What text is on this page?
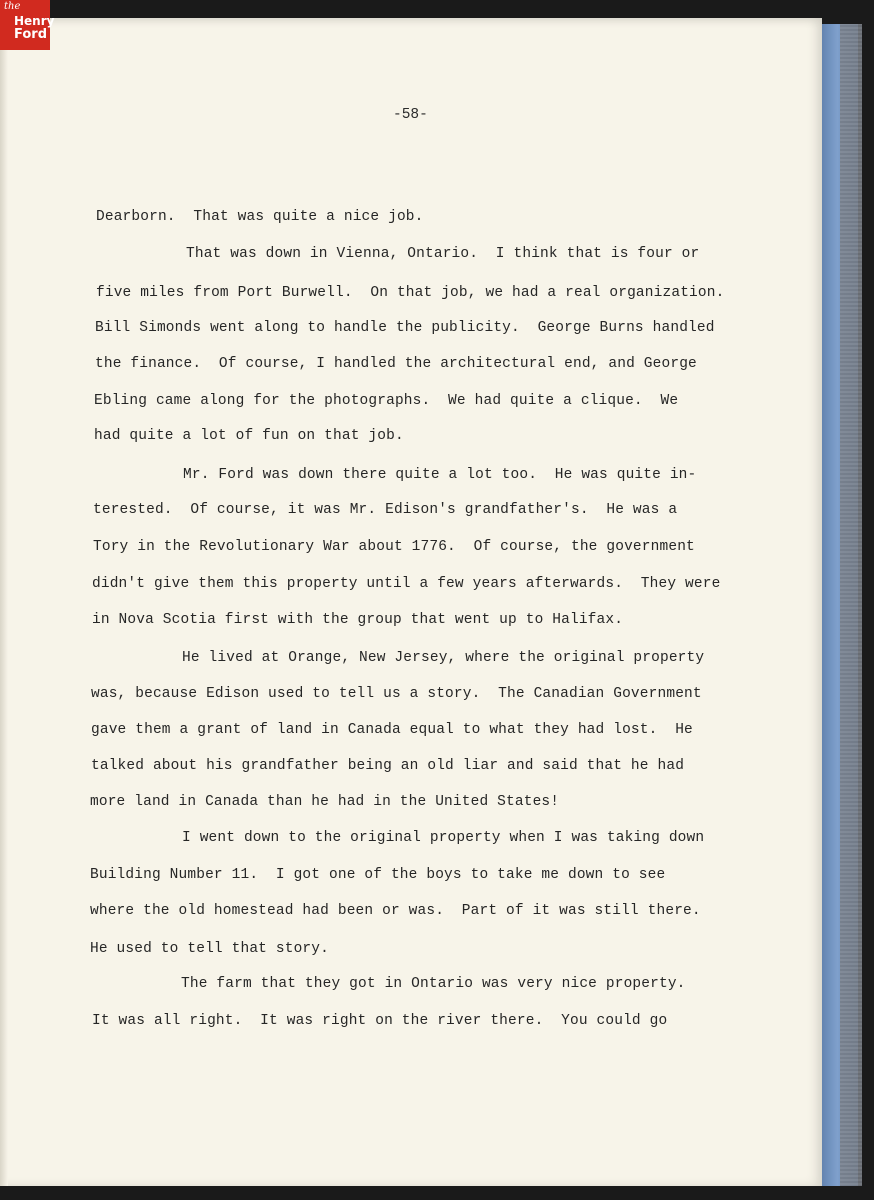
the
Henry
Ford
-58-
Dearborn.  That was quite a nice job.
That was down in Vienna, Ontario.  I think that is four or
five miles from Port Burwell.  On that job, we had a real organization.
Bill Simonds went along to handle the publicity.  George Burns handled
the finance.  Of course, I handled the architectural end, and George
Ebling came along for the photographs.  We had quite a clique.  We
had quite a lot of fun on that job.
Mr. Ford was down there quite a lot too.  He was quite in-
terested.  Of course, it was Mr. Edison's grandfather's.  He was a
Tory in the Revolutionary War about 1776.  Of course, the government
didn't give them this property until a few years afterwards.  They were
in Nova Scotia first with the group that went up to Halifax.
He lived at Orange, New Jersey, where the original property
was, because Edison used to tell us a story.  The Canadian Government
gave them a grant of land in Canada equal to what they had lost.  He
talked about his grandfather being an old liar and said that he had
more land in Canada than he had in the United States!
I went down to the original property when I was taking down
Building Number 11.  I got one of the boys to take me down to see
where the old homestead had been or was.  Part of it was still there.
He used to tell that story.
The farm that they got in Ontario was very nice property.
It was all right.  It was right on the river there.  You could go
